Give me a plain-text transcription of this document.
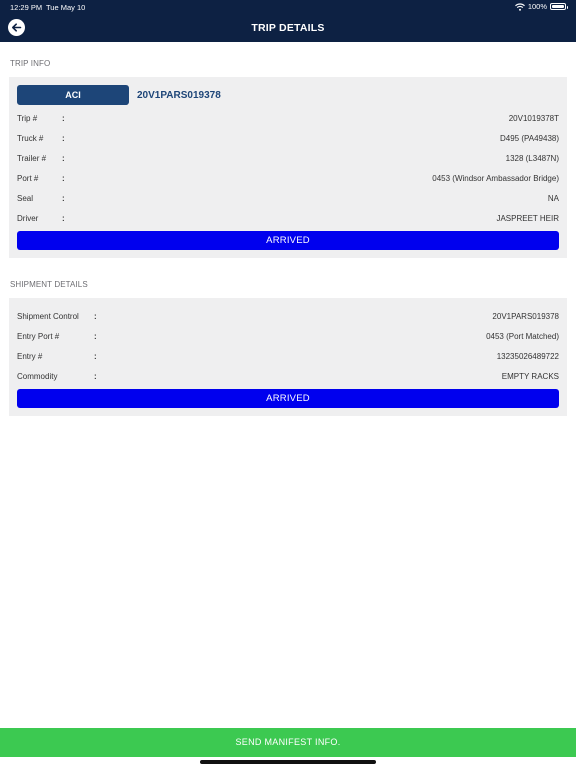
12:29 PM Tue May 10	100%
TRIP DETAILS
TRIP INFO
ACI	20V1PARS019378
Trip #	:	20V1019378T
Truck # :	D495 (PA49438)
Trailer # :	1328 (L3487N)
Port #	:	0453 (Windsor Ambassador Bridge)
Seal	:	NA
Driver	:	JASPREET HEIR
ARRIVED
SHIPMENT DETAILS
Shipment Control :	20V1PARS019378
Entry Port #	:	0453 (Port Matched)
Entry #	:	13235026489722
Commodity	:	EMPTY RACKS
ARRIVED
SEND MANIFEST INFO.
